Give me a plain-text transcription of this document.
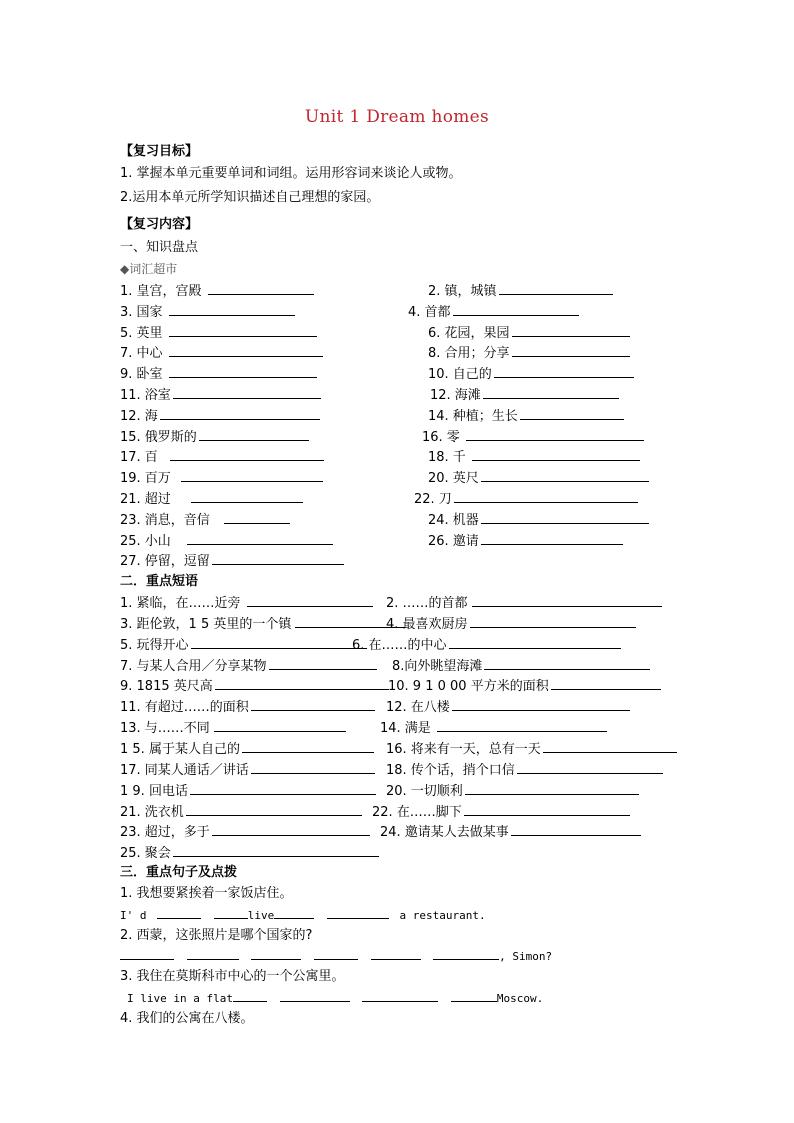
Unit 1 Dream homes
【复习目标】
1. 掌握本单元重要单词和词组。运用形容词来谈论人或物。
2.运用本单元所学知识描述自己理想的家园。
【复习内容】
一、知识盘点
◆词汇超市
1. 皇宫，宫殿	2. 镇，城镇
3. 国家	4. 首都
5. 英里	6. 花园，果园
7. 中心	8. 合用；分享
9. 卧室	10. 自己的
11. 浴室	12. 海滩
12. 海	14. 种植；生长
15. 俄罗斯的	16. 零
17. 百	18. 千
19. 百万	20. 英尺
21. 超过	22. 刀
23. 消息，音信	24. 机器
25. 小山	26. 邀请
27. 停留，逗留
二．重点短语
1. 紧临，在……近旁	2. ……的首都
3. 距伦敦，1 5 英里的一个镇	4. 最喜欢厨房
5. 玩得开心	6. 在……的中心
7. 与某人合用／分享某物	8.向外眺望海滩
9. 1815 英尺高	10. 9 1 0 00 平方米的面积
11. 有超过……的面积	12. 在八楼
13. 与……不同	14. 满是
1 5. 属于某人自己的	16. 将来有一天，总有一天
17. 同某人通话／讲话	18. 传个话，捎个口信
1 9. 回电话	20. 一切顺利
21. 洗衣机	22. 在……脚下
23. 超过，多于	24. 邀请某人去做某事
25. 聚会
三．重点句子及点拨
1. 我想要紧挨着一家饭店住。
I' d	live	a restaurant.
2. 西蒙，这张照片是哪个国家的?
, Simon?
3. 我住在莫斯科市中心的一个公寓里。
I live in a flat	Moscow.
4. 我们的公寓在八楼。
